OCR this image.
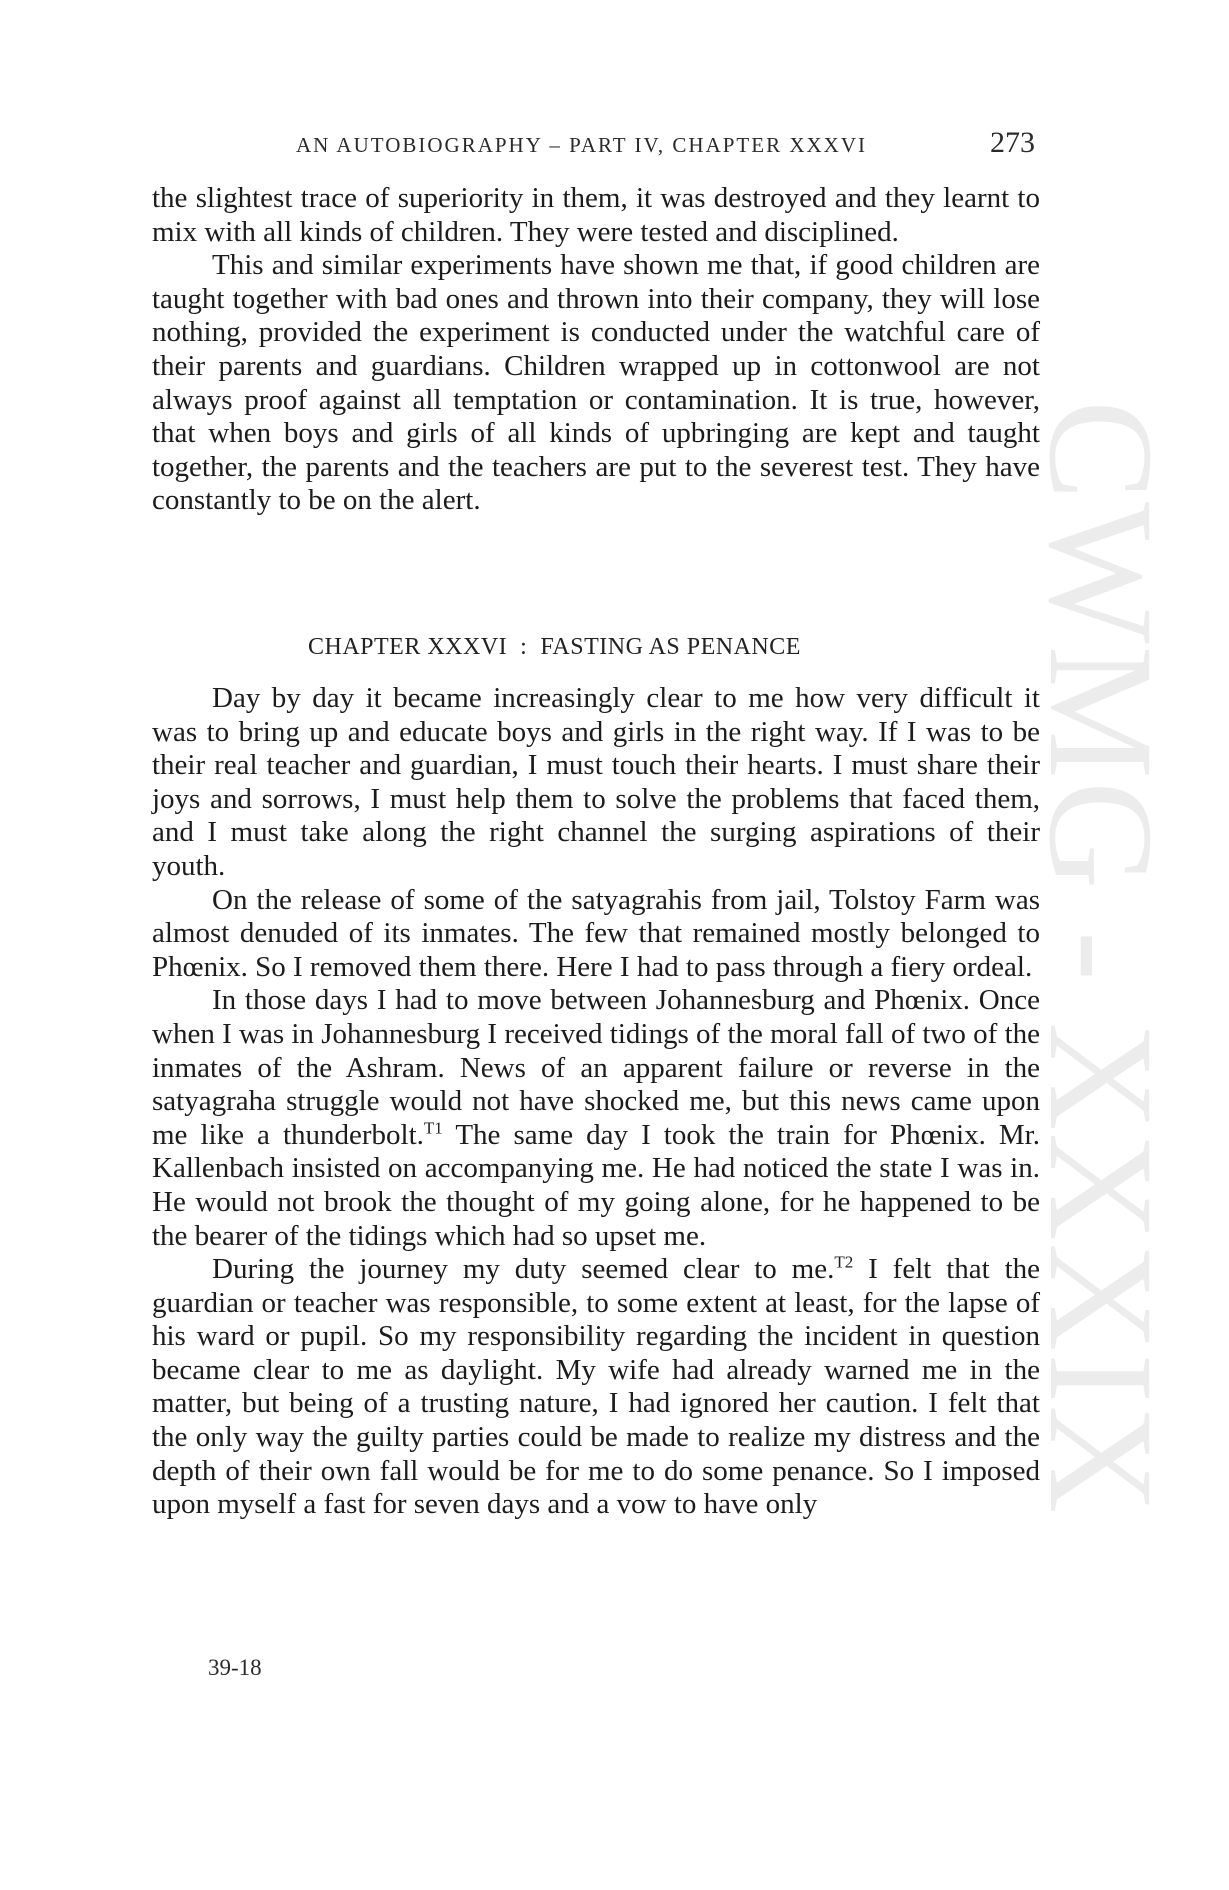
CWMG - XXXIX
AN AUTOBIOGRAPHY – PART IV, CHAPTER XXXVI	273

the slightest trace of superiority in them, it was destroyed and they learnt to mix with all kinds of children. They were tested and disciplined.

This and similar experiments have shown me that, if good children are taught together with bad ones and thrown into their company, they will lose nothing, provided the experiment is conducted under the watchful care of their parents and guardians. Children wrapped up in cottonwool are not always proof against all temptation or contamination. It is true, however, that when boys and girls of all kinds of upbringing are kept and taught together, the parents and the teachers are put to the severest test. They have constantly to be on the alert.

CHAPTER XXXVI  :  FASTING AS PENANCE

Day by day it became increasingly clear to me how very difficult it was to bring up and educate boys and girls in the right way. If I was to be their real teacher and guardian, I must touch their hearts. I must share their joys and sorrows, I must help them to solve the problems that faced them, and I must take along the right channel the surging aspirations of their youth.

On the release of some of the satyagrahis from jail, Tolstoy Farm was almost denuded of its inmates. The few that remained mostly belonged to Phœnix. So I removed them there. Here I had to pass through a fiery ordeal.

In those days I had to move between Johannesburg and Phœnix. Once when I was in Johannesburg I received tidings of the moral fall of two of the inmates of the Ashram. News of an apparent failure or reverse in the satyagraha struggle would not have shocked me, but this news came upon me like a thunderbolt.$^{T1}$ The same day I took the train for Phœnix. Mr. Kallenbach insisted on accompanying me. He had noticed the state I was in. He would not brook the thought of my going alone, for he happened to be the bearer of the tidings which had so upset me.

During the journey my duty seemed clear to me.$^{T2}$ I felt that the guardian or teacher was responsible, to some extent at least, for the lapse of his ward or pupil. So my responsibility regarding the incident in question became clear to me as daylight. My wife had already warned me in the matter, but being of a trusting nature, I had ignored her caution. I felt that the only way the guilty parties could be made to realize my distress and the depth of their own fall would be for me to do some penance. So I imposed upon myself a fast for seven days and a vow to have only

39-18
